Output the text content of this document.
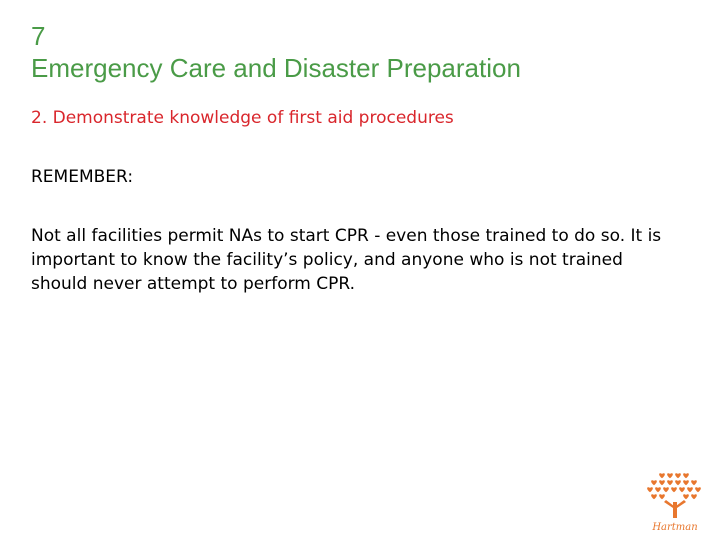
7
Emergency Care and Disaster Preparation
2. Demonstrate knowledge of first aid procedures
REMEMBER:
Not all facilities permit NAs to start CPR - even those trained to do so. It is important to know the facility’s policy, and anyone who is not trained should never attempt to perform CPR.
Hartman
